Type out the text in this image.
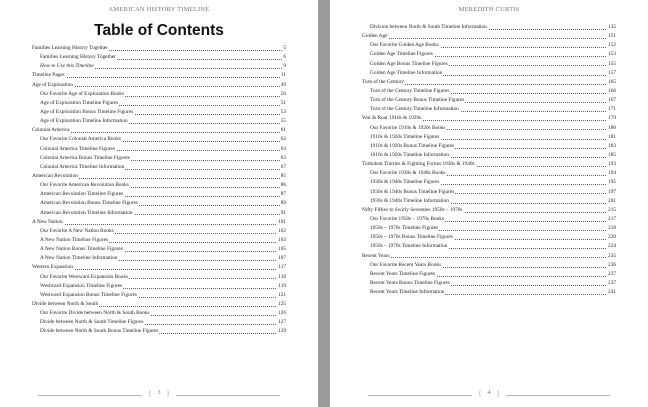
AMERICAN HISTORY TIMELINE
Table of Contents
Families Learning History Together	5
Families Learning History Together	6
How to Use this Timeline	9
Timeline Pages	11
Age of Exploration	49
Our Favorite Age of Exploration Books	50
Age of Exploration Timeline Figures	51
Age of Exploration Bonus Timeline Figures	53
Age of Exploration Timeline Information	55
Colonial America	61
Our Favorite Colonial America Books	62
Colonial America Timeline Figures	63
Colonial America Bonus Timeline Figures	63
Colonial America Timeline Information	67
American Revolution	85
Our Favorite American Revolution Books	86
American Revolution Timeline Figures	87
American Revolution Bonus Timeline Figures	89
American Revolution Timeline Information	91
A New Nation	101
Our Favorite A New Nation Books	102
A New Nation Timeline Figures	103
A New Nation Bonus Timeline Figures	105
A New Nation Timeline Information	107
Western Expansion	117
Our Favorite Westward Expansion Books	118
Westward Expansion Timeline Figures	119
Westward Expansion Bonus Timeline Figures	121
Divide between North & South	125
Our Favorite Divide between North & South Books	126
Divide between North & South Timeline Figures	127
Divide between North & South Bonus Timeline Figures	129
{ 3 }
MEREDITH CURTIS
Division between North & South Timeline Information	135
Golden Age	151
Our Favorite Golden Age Books	152
Golden Age Timeline Figures	153
Golden Age Bonus Timeline Figures	155
Golden Age Timeline Information	157
Turn of the Century	165
Turn of the Century Timeline Figures	166
Turn of the Century Bonus Timeline Figures	167
Turn of the Century Timeline Information	171
War & Roar 1910s & 1920s	179
Our Favorite 1910s & 1920s Books	180
1910s & 1920s Timeline Figures	181
1910s & 1920s Bonus Timeline Figures	183
1910s & 1920s Timeline Information	185
Turbulent Thirties & Fighting Forties 1930s & 1940s	193
Our Favorite 1930s & 1940s Books	194
1930s & 1940s Timeline Figures	195
1930s & 1940s Bonus Timeline Figures	197
1930s & 1940s Timeline Information	201
Nifty Fifties to Swirly Seventies 1950s – 1970s	215
Our Favorite 1950s – 1970s Books	217
1950s – 1970s Timeline Figures	218
1950s – 1970s Bonus Timeline Figures	220
1950s – 1970s Timeline Information	224
Recent Years	235
Our Favorite Recent Years Books	236
Recent Years Timeline Figures	237
Recent Years Bonus Timeline Figures	237
Recent Years Timeline Information	241
{ 4 }
